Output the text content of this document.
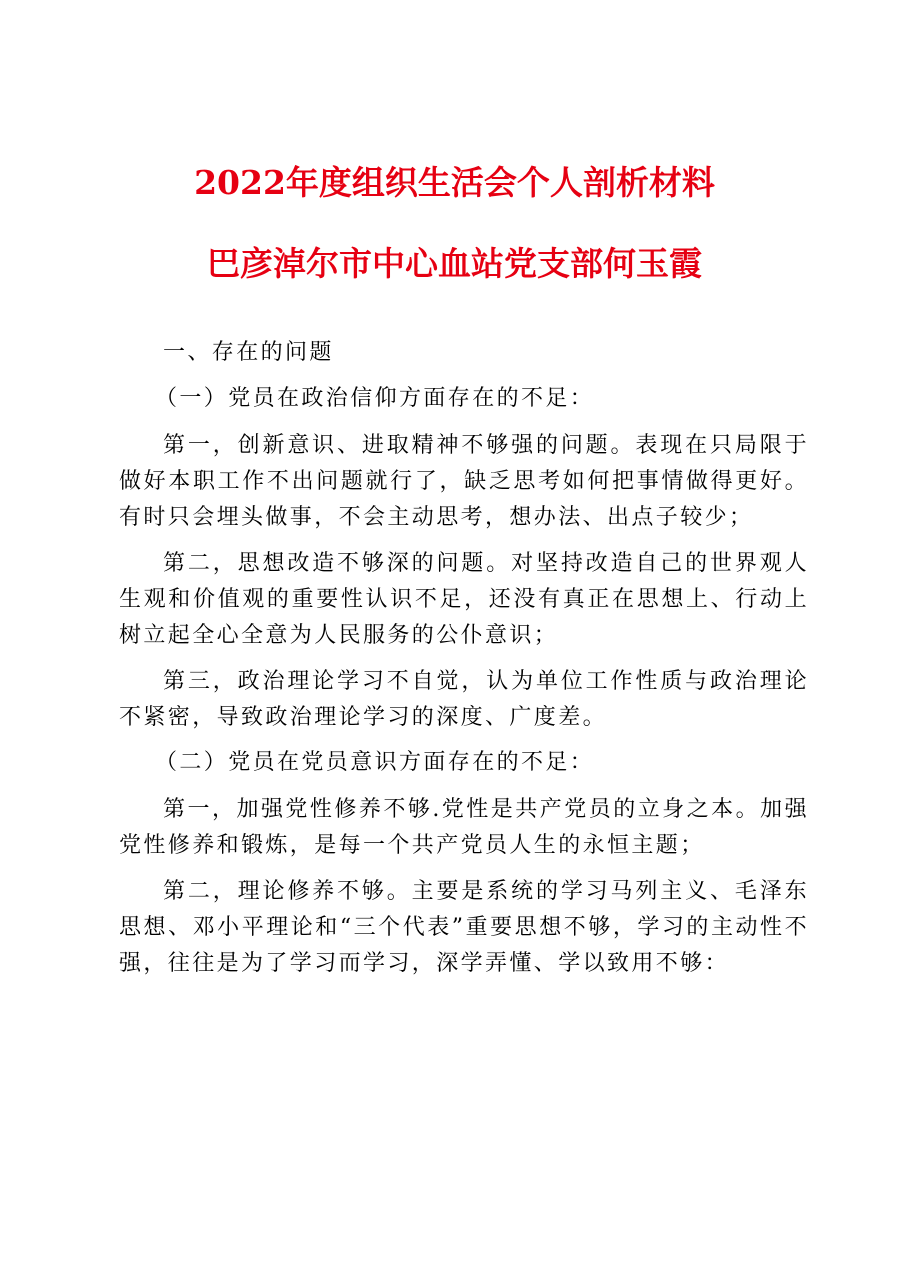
2022年度组织生活会个人剖析材料
巴彦淖尔市中心血站党支部何玉霞

一、存在的问题

（一）党员在政治信仰方面存在的不足：

第一，创新意识、进取精神不够强的问题。表现在只局限于做好本职工作不出问题就行了，缺乏思考如何把事情做得更好。有时只会埋头做事，不会主动思考，想办法、出点子较少；

第二，思想改造不够深的问题。对坚持改造自己的世界观人生观和价值观的重要性认识不足，还没有真正在思想上、行动上树立起全心全意为人民服务的公仆意识；

第三，政治理论学习不自觉，认为单位工作性质与政治理论不紧密，导致政治理论学习的深度、广度差。

（二）党员在党员意识方面存在的不足：

第一，加强党性修养不够.党性是共产党员的立身之本。加强党性修养和锻炼，是每一个共产党员人生的永恒主题；

第二，理论修养不够。主要是系统的学习马列主义、毛泽东思想、邓小平理论和“三个代表”重要思想不够，学习的主动性不强，往往是为了学习而学习，深学弄懂、学以致用不够：
